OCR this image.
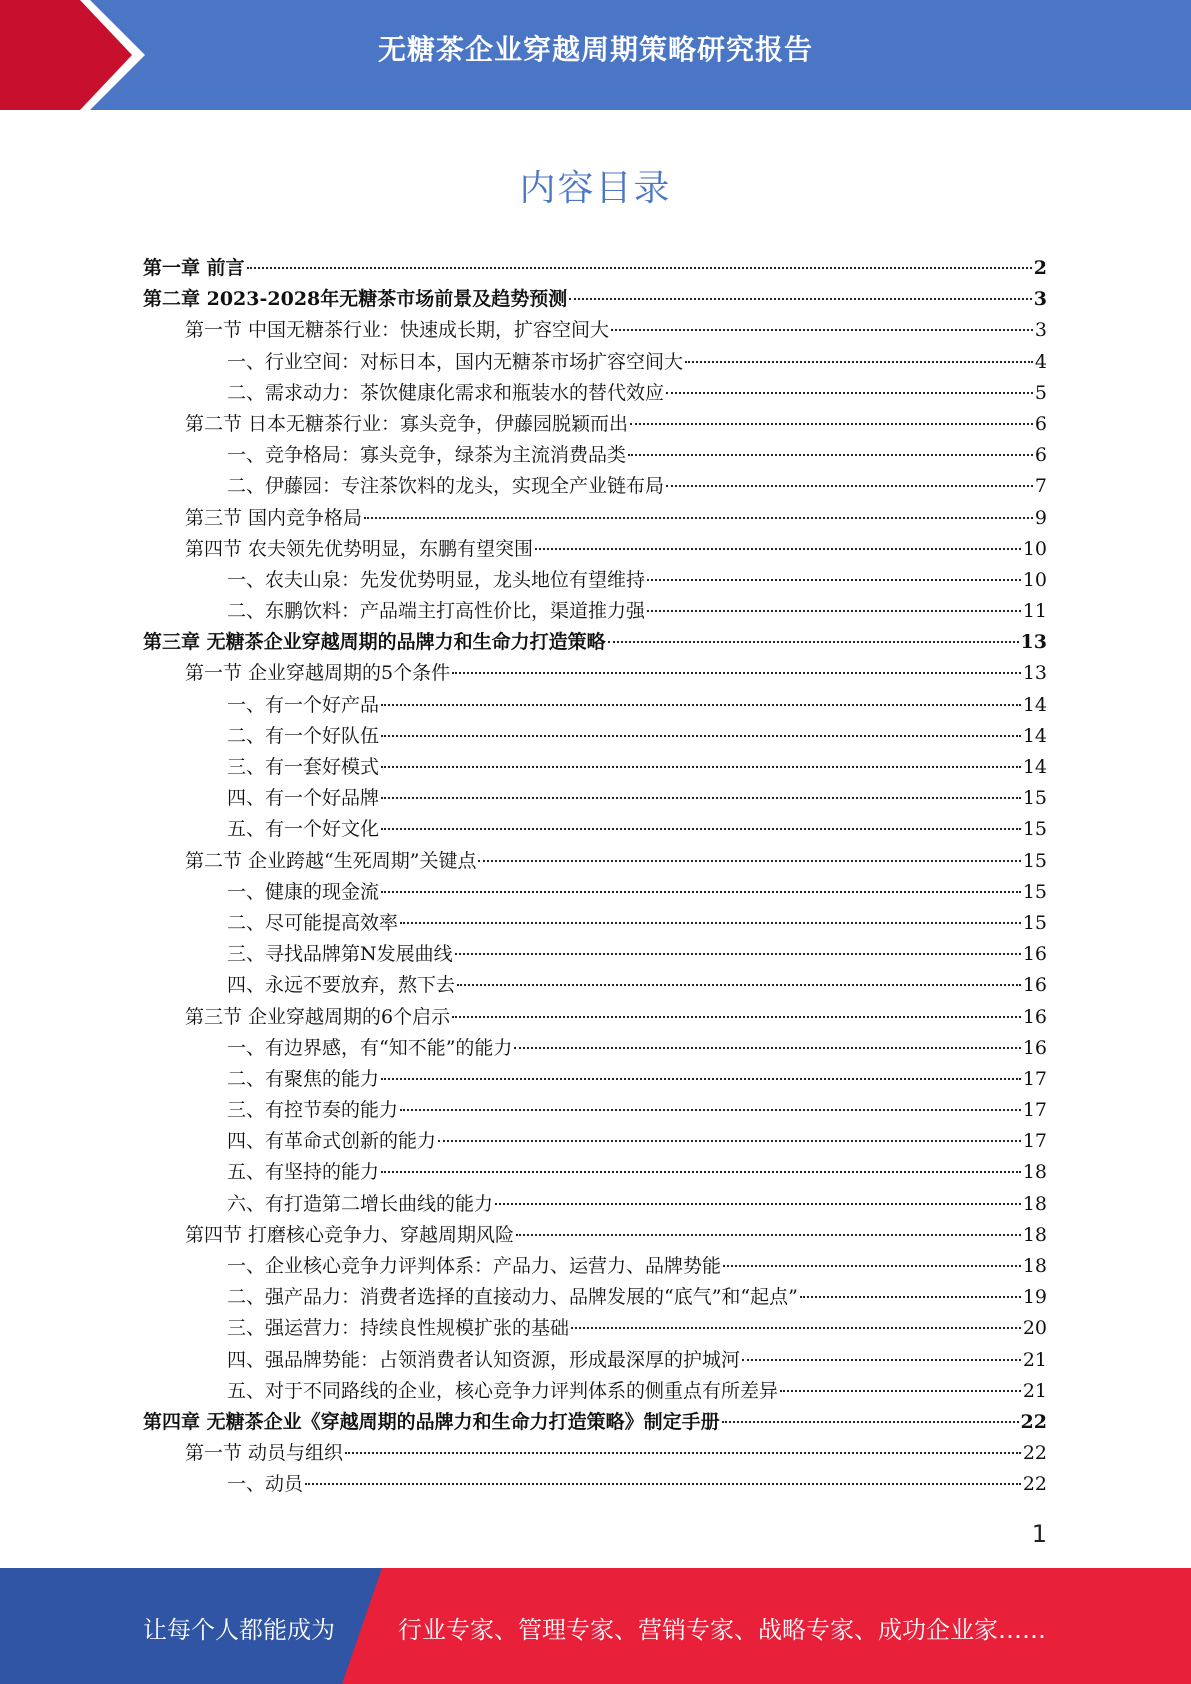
无糖茶企业穿越周期策略研究报告
内容目录
第一章 前言	2
第二章 2023-2028年无糖茶市场前景及趋势预测	3
第一节 中国无糖茶行业：快速成长期，扩容空间大	3
一、行业空间：对标日本，国内无糖茶市场扩容空间大	4
二、需求动力：茶饮健康化需求和瓶装水的替代效应	5
第二节 日本无糖茶行业：寡头竞争，伊藤园脱颖而出	6
一、竞争格局：寡头竞争，绿茶为主流消费品类	6
二、伊藤园：专注茶饮料的龙头，实现全产业链布局	7
第三节 国内竞争格局	9
第四节 农夫领先优势明显，东鹏有望突围	10
一、农夫山泉：先发优势明显，龙头地位有望维持	10
二、东鹏饮料：产品端主打高性价比，渠道推力强	11
第三章 无糖茶企业穿越周期的品牌力和生命力打造策略	13
第一节 企业穿越周期的5个条件	13
一、有一个好产品	14
二、有一个好队伍	14
三、有一套好模式	14
四、有一个好品牌	15
五、有一个好文化	15
第二节 企业跨越“生死周期”关键点	15
一、健康的现金流	15
二、尽可能提高效率	15
三、寻找品牌第N发展曲线	16
四、永远不要放弃，熬下去	16
第三节 企业穿越周期的6个启示	16
一、有边界感，有“知不能”的能力	16
二、有聚焦的能力	17
三、有控节奏的能力	17
四、有革命式创新的能力	17
五、有坚持的能力	18
六、有打造第二增长曲线的能力	18
第四节 打磨核心竞争力、穿越周期风险	18
一、企业核心竞争力评判体系：产品力、运营力、品牌势能	18
二、强产品力：消费者选择的直接动力、品牌发展的“底气”和“起点”	19
三、强运营力：持续良性规模扩张的基础	20
四、强品牌势能：占领消费者认知资源，形成最深厚的护城河	21
五、对于不同路线的企业，核心竞争力评判体系的侧重点有所差异	21
第四章 无糖茶企业《穿越周期的品牌力和生命力打造策略》制定手册	22
第一节 动员与组织	22
一、动员	22
1
让每个人都能成为	行业专家、管理专家、营销专家、战略专家、成功企业家……
